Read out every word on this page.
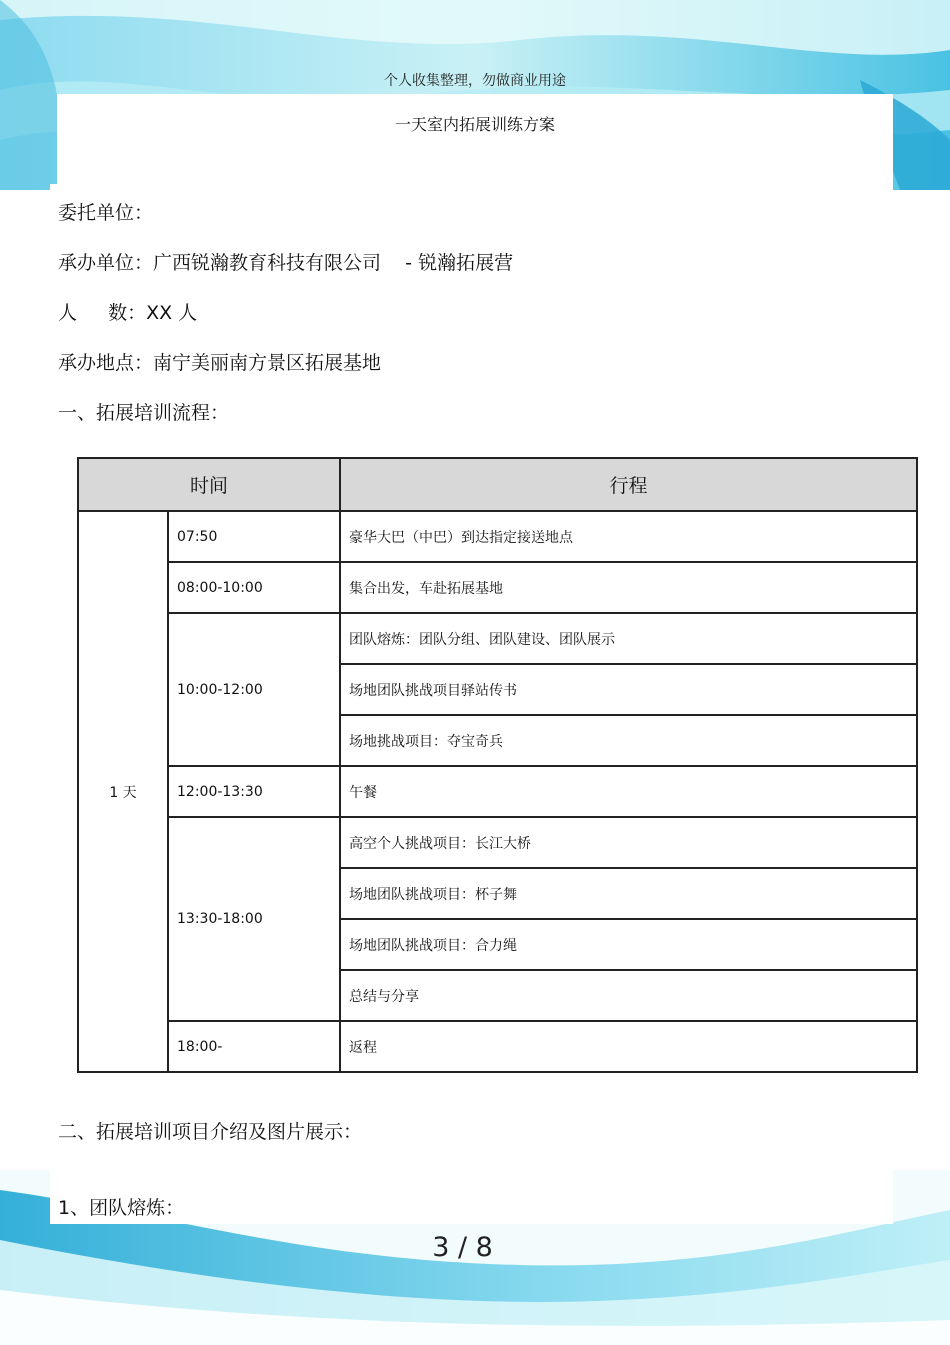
个人收集整理，勿做商业用途
一天室内拓展训练方案
委托单位：
承办单位：广西锐瀚教育科技有限公司    - 锐瀚拓展营
人　  数：XX 人
承办地点：南宁美丽南方景区拓展基地
一、拓展培训流程：
时间		行程
1 天	07:50	豪华大巴（中巴）到达指定接送地点
	08:00-10:00	集合出发，车赴拓展基地
	10:00-12:00	团队熔炼：团队分组、团队建设、团队展示
		场地团队挑战项目驿站传书
		场地挑战项目：夺宝奇兵
	12:00-13:30	午餐
	13:30-18:00	高空个人挑战项目：长江大桥
		场地团队挑战项目：杯子舞
		场地团队挑战项目：合力绳
		总结与分享
	18:00-	返程
二、拓展培训项目介绍及图片展示：
1、团队熔炼：
3 / 8
